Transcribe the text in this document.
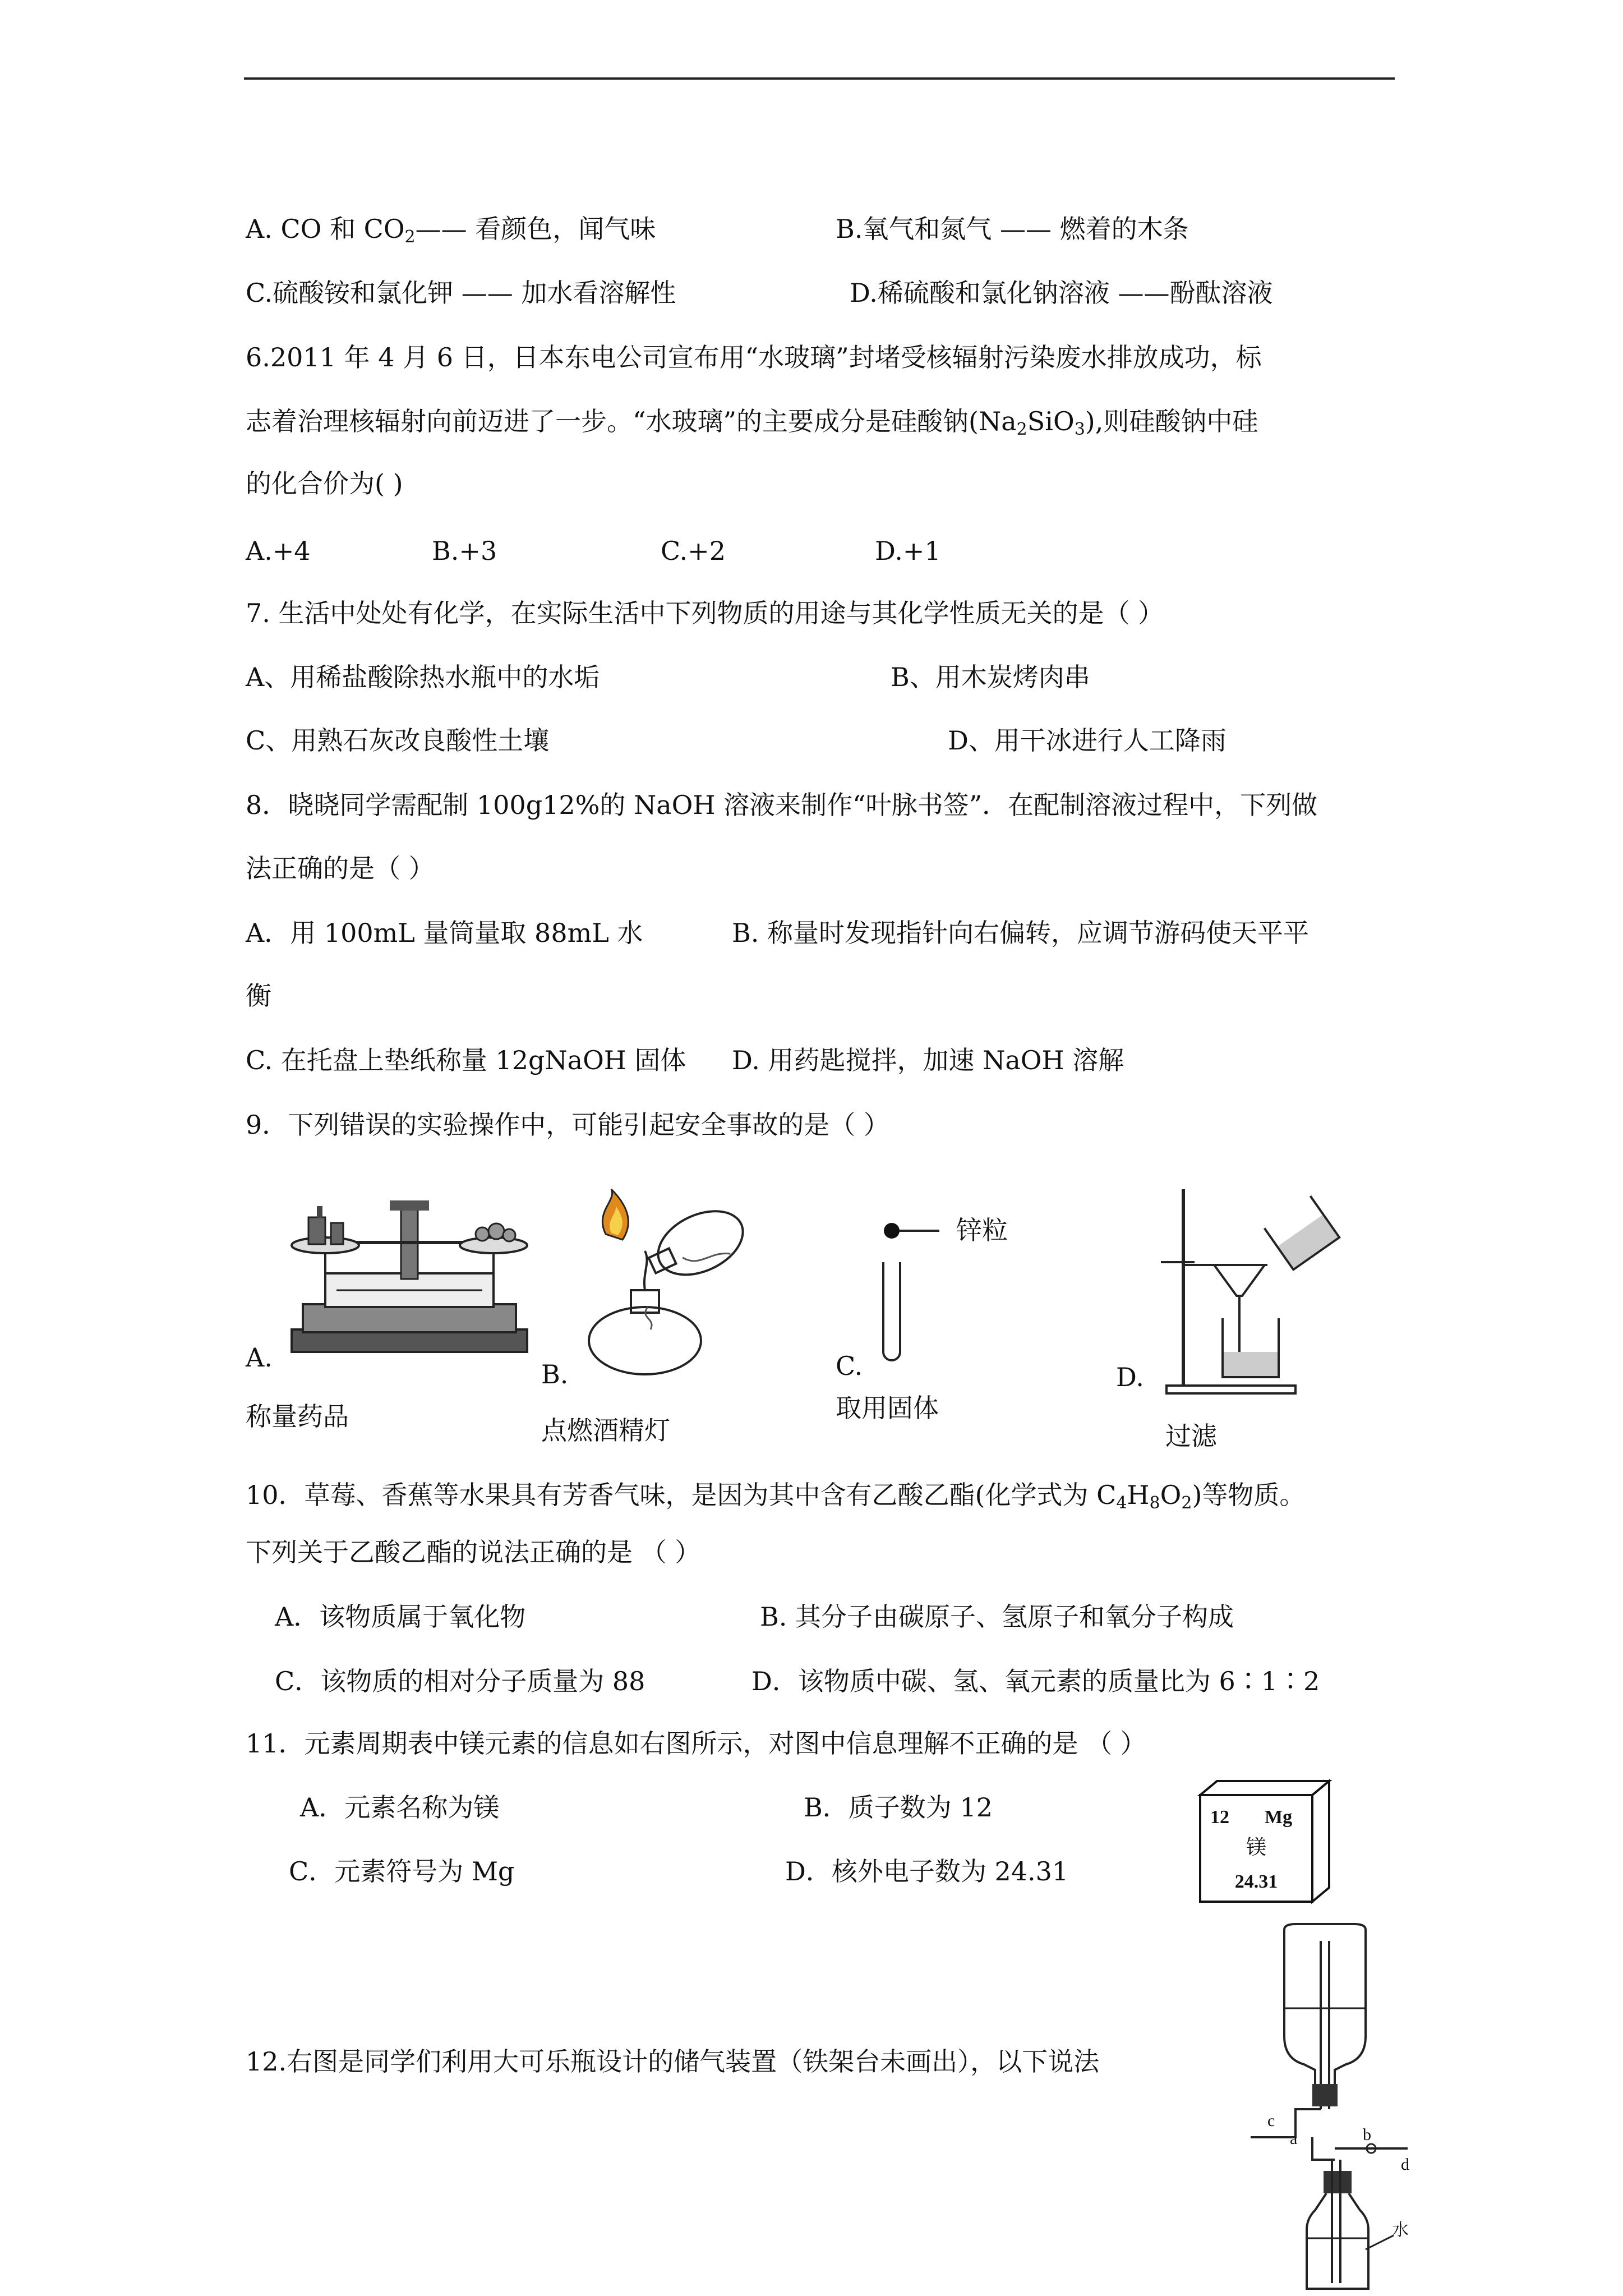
A. CO 和 $CO_2——$ 看颜色，闻气味	B.氧气和氮气 —— 燃着的木条
C.硫酸铵和氯化钾 —— 加水看溶解性	D.稀硫酸和氯化钠溶液 ——酚酞溶液
6.2011 年 4 月 6 日，日本东电公司宣布用“水玻璃”封堵受核辐射污染废水排放成功，标
志着治理核辐射向前迈进了一步。“水玻璃”的主要成分是硅酸钠$(Na_2SiO_3)$,则硅酸钠中硅
的化合价为( )
A.+4	B.+3	C.+2	D.+1
7. 生活中处处有化学，在实际生活中下列物质的用途与其化学性质无关的是（ ）
A、用稀盐酸除热水瓶中的水垢	B、用木炭烤肉串
C、用熟石灰改良酸性土壤	D、用干冰进行人工降雨
8．晓晓同学需配制 100g12%的 NaOH 溶液来制作“叶脉书签”．在配制溶液过程中，下列做
法正确的是（ ）
A．用 100mL 量筒量取 88mL 水	B. 称量时发现指针向右偏转，应调节游码使天平平
衡
C. 在托盘上垫纸称量 12gNaOH 固体 D. 用药匙搅拌，加速 NaOH 溶解
9．下列错误的实验操作中，可能引起安全事故的是（ ）
A.
称量药品
B.
点燃酒精灯
锌粒
C.
取用固体
D.
过滤
10．草莓、香蕉等水果具有芳香气味，是因为其中含有乙酸乙酯(化学式为 $C_4H_8O_2$)等物质。
下列关于乙酸乙酯的说法正确的是 （ ）
A．该物质属于氧化物	B. 其分子由碳原子、氢原子和氧分子构成
C．该物质的相对分子质量为 88	D．该物质中碳、氢、氧元素的质量比为 6∶1∶2
11．元素周期表中镁元素的信息如右图所示，对图中信息理解不正确的是 （ ）
A．元素名称为镁	B．质子数为 12
C．元素符号为 Mg	D．核外电子数为 24.31
12 Mg
镁
24.31
12.右图是同学们利用大可乐瓶设计的储气装置（铁架台未画出），以下说法
a	b
c
d
水
